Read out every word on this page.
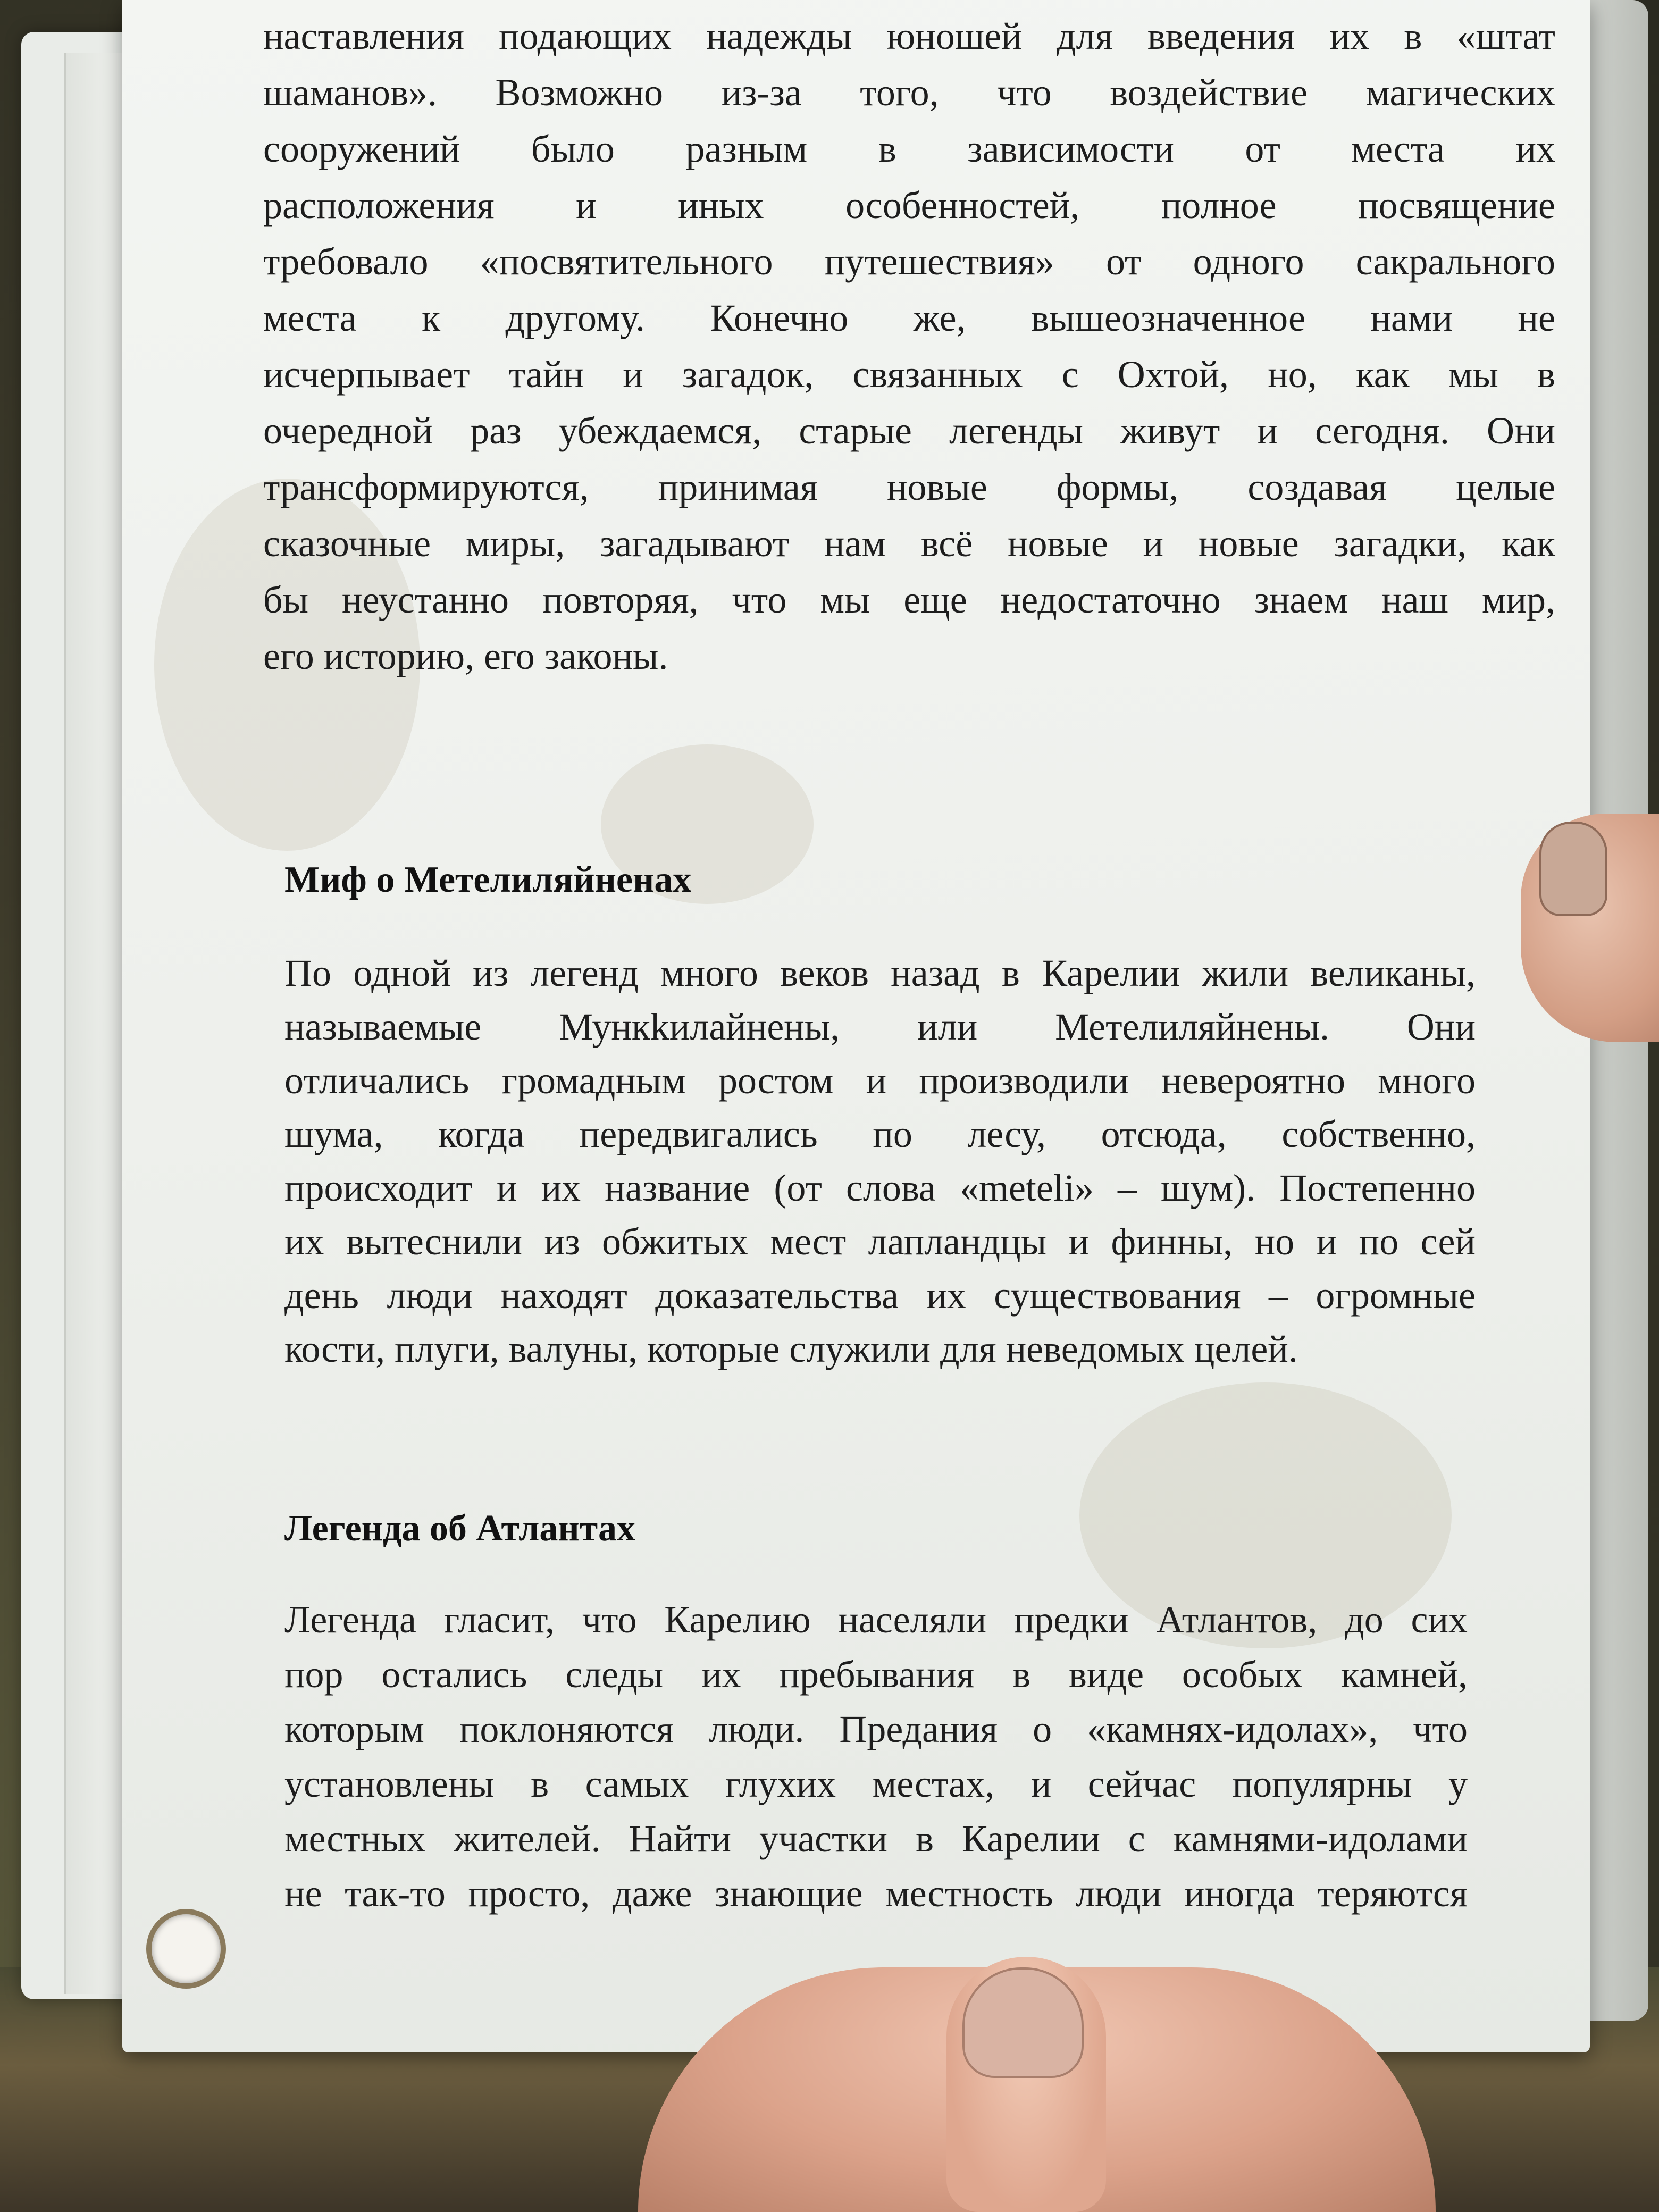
наставления подающих надежды юношей для введения их в «штат
шаманов». Возможно из-за того, что воздействие магических
сооружений было разным в зависимости от места их
расположения и иных особенностей, полное посвящение
требовало «посвятительного путешествия» от одного сакрального
места к другому. Конечно же, вышеозначенное нами не
исчерпывает тайн и загадок, связанных с Охтой, но, как мы в
очередной раз убеждаемся, старые легенды живут и сегодня. Они
трансформируются, принимая новые формы, создавая целые
сказочные миры, загадывают нам всё новые и новые загадки, как
бы неустанно повторяя, что мы еще недостаточно знаем наш мир,
его историю, его законы.
Миф о Метелиляйненах
По одной из легенд много веков назад в Карелии жили великаны,
называемые Мункkилайнены, или Метелиляйнены. Они
отличались громадным ростом и производили невероятно много
шума, когда передвигались по лесу, отсюда, собственно,
происходит и их название (от слова «meteli» – шум). Постепенно
их вытеснили из обжитых мест лапландцы и финны, но и по сей
день люди находят доказательства их существования – огромные
кости, плуги, валуны, которые служили для неведомых целей.
Легенда об Атлантах
Легенда гласит, что Карелию населяли предки Атлантов, до сих
пор остались следы их пребывания в виде особых камней,
которым поклоняются люди. Предания о «камнях-идолах», что
установлены в самых глухих местах, и сейчас популярны у
местных жителей. Найти участки в Карелии с камнями-идолами
не так-то просто, даже знающие местность люди иногда теряются
